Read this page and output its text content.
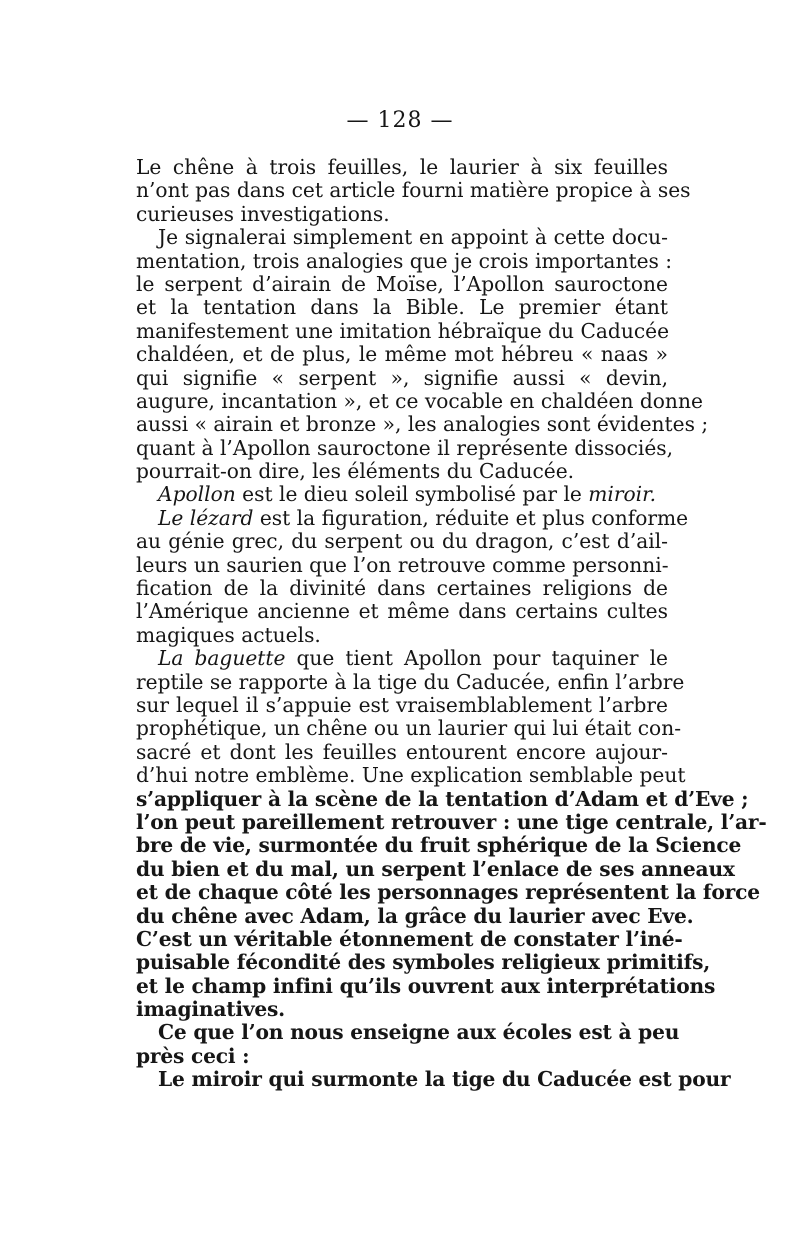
— 128 —
Le chêne à trois feuilles, le laurier à six feuilles
n’ont pas dans cet article fourni matière propice à ses
curieuses investigations.
Je signalerai simplement en appoint à cette docu-
mentation, trois analogies que je crois importantes :
le serpent d’airain de Moïse, l’Apollon sauroctone
et la tentation dans la Bible. Le premier étant
manifestement une imitation hébraïque du Caducée
chaldéen, et de plus, le même mot hébreu « naas »
qui signifie « serpent », signifie aussi « devin,
augure, incantation », et ce vocable en chaldéen donne
aussi « airain et bronze », les analogies sont évidentes ;
quant à l’Apollon sauroctone il représente dissociés,
pourrait-on dire, les éléments du Caducée.
Apollon est le dieu soleil symbolisé par le miroir.
Le lézard est la figuration, réduite et plus conforme
au génie grec, du serpent ou du dragon, c’est d’ail-
leurs un saurien que l’on retrouve comme personni-
fication de la divinité dans certaines religions de
l’Amérique ancienne et même dans certains cultes
magiques actuels.
La baguette que tient Apollon pour taquiner le
reptile se rapporte à la tige du Caducée, enfin l’arbre
sur lequel il s’appuie est vraisemblablement l’arbre
prophétique, un chêne ou un laurier qui lui était con-
sacré et dont les feuilles entourent encore aujour-
d’hui notre emblème. Une explication semblable peut
s’appliquer à la scène de la tentation d’Adam et d’Eve ;
l’on peut pareillement retrouver : une tige centrale, l’ar-
bre de vie, surmontée du fruit sphérique de la Science
du bien et du mal, un serpent l’enlace de ses anneaux
et de chaque côté les personnages représentent la force
du chêne avec Adam, la grâce du laurier avec Eve.
C’est un véritable étonnement de constater l’iné-
puisable fécondité des symboles religieux primitifs,
et le champ infini qu’ils ouvrent aux interprétations
imaginatives.
Ce que l’on nous enseigne aux écoles est à peu
près ceci :
Le miroir qui surmonte la tige du Caducée est pour
